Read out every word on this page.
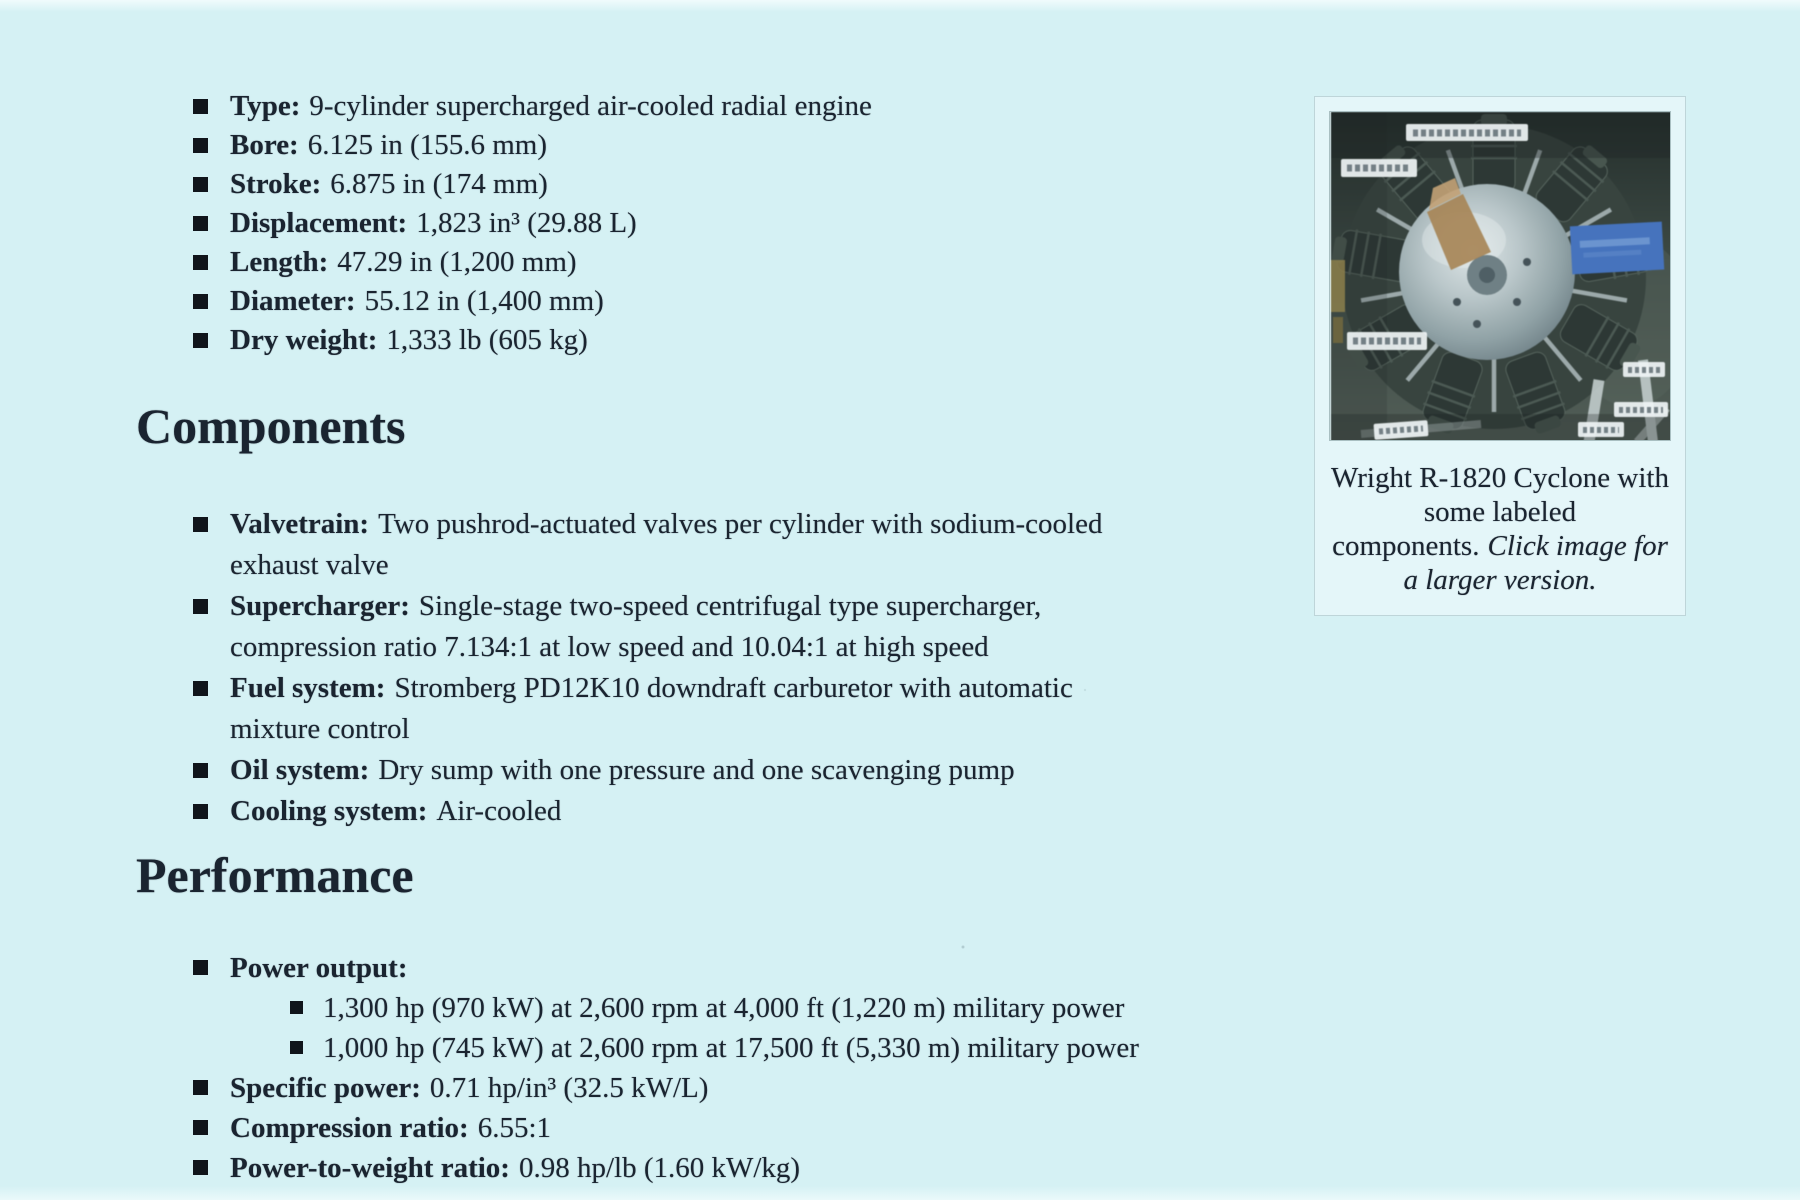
Type: 9-cylinder supercharged air-cooled radial engine
Bore: 6.125 in (155.6 mm)
Stroke: 6.875 in (174 mm)
Displacement: 1,823 in³ (29.88 L)
Length: 47.29 in (1,200 mm)
Diameter: 55.12 in (1,400 mm)
Dry weight: 1,333 lb (605 kg)
Components
Valvetrain: Two pushrod-actuated valves per cylinder with sodium-cooled exhaust valve
Supercharger: Single-stage two-speed centrifugal type supercharger, compression ratio 7.134:1 at low speed and 10.04:1 at high speed
Fuel system: Stromberg PD12K10 downdraft carburetor with automatic mixture control
Oil system: Dry sump with one pressure and one scavenging pump
Cooling system: Air-cooled
Performance
Power output:
1,300 hp (970 kW) at 2,600 rpm at 4,000 ft (1,220 m) military power
1,000 hp (745 kW) at 2,600 rpm at 17,500 ft (5,330 m) military power
Specific power: 0.71 hp/in³ (32.5 kW/L)
Compression ratio: 6.55:1
Power-to-weight ratio: 0.98 hp/lb (1.60 kW/kg)
Wright R-1820 Cyclone with some labeled components. Click image for a larger version.
